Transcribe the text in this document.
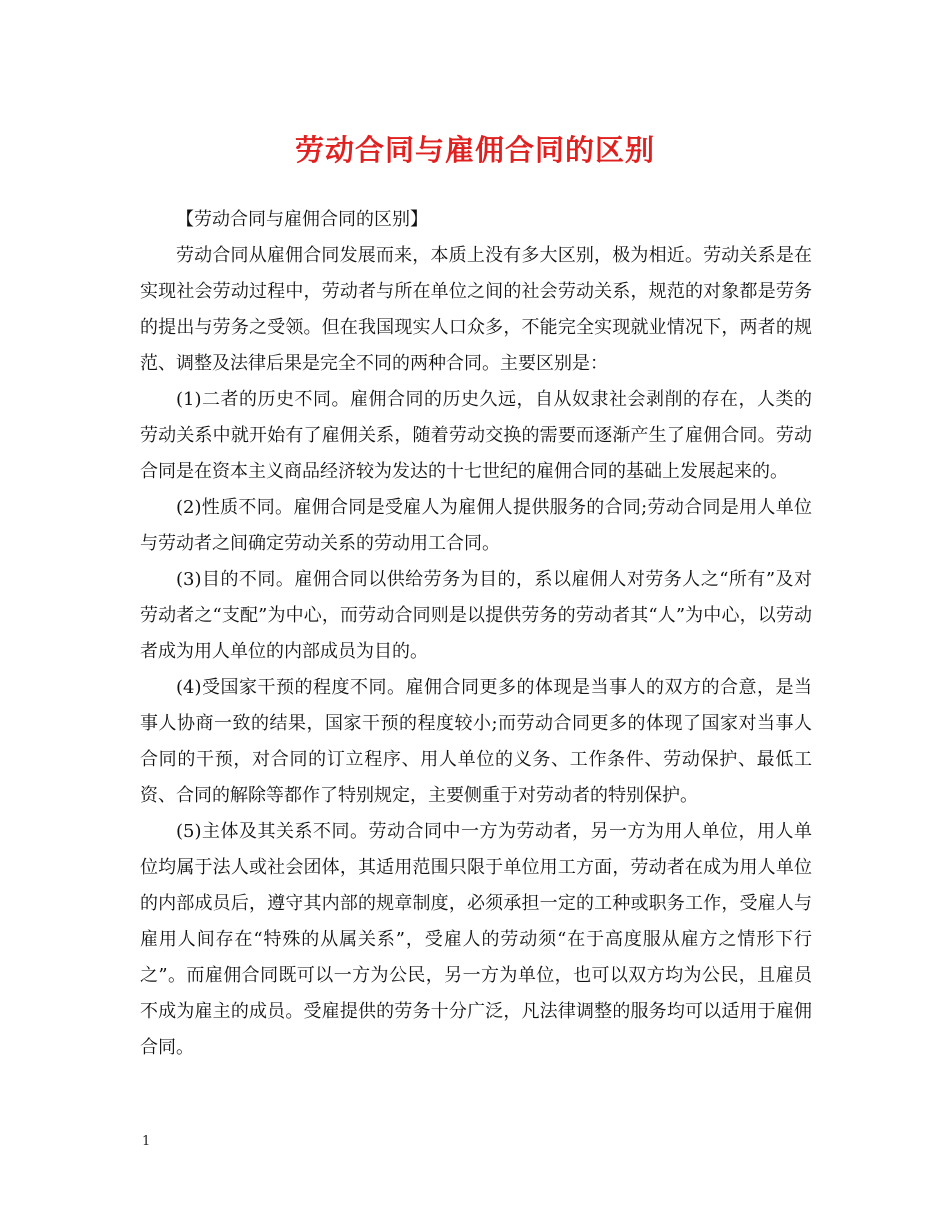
劳动合同与雇佣合同的区别

【劳动合同与雇佣合同的区别】

劳动合同从雇佣合同发展而来，本质上没有多大区别，极为相近。劳动关系是在实现社会劳动过程中，劳动者与所在单位之间的社会劳动关系，规范的对象都是劳务的提出与劳务之受领。但在我国现实人口众多，不能完全实现就业情况下，两者的规范、调整及法律后果是完全不同的两种合同。主要区别是：

(1)二者的历史不同。雇佣合同的历史久远，自从奴隶社会剥削的存在，人类的劳动关系中就开始有了雇佣关系，随着劳动交换的需要而逐渐产生了雇佣合同。劳动合同是在资本主义商品经济较为发达的十七世纪的雇佣合同的基础上发展起来的。

(2)性质不同。雇佣合同是受雇人为雇佣人提供服务的合同;劳动合同是用人单位与劳动者之间确定劳动关系的劳动用工合同。

(3)目的不同。雇佣合同以供给劳务为目的，系以雇佣人对劳务人之“所有”及对劳动者之“支配”为中心，而劳动合同则是以提供劳务的劳动者其“人”为中心，以劳动者成为用人单位的内部成员为目的。

(4)受国家干预的程度不同。雇佣合同更多的体现是当事人的双方的合意，是当事人协商一致的结果，国家干预的程度较小;而劳动合同更多的体现了国家对当事人合同的干预，对合同的订立程序、用人单位的义务、工作条件、劳动保护、最低工资、合同的解除等都作了特别规定，主要侧重于对劳动者的特别保护。

(5)主体及其关系不同。劳动合同中一方为劳动者，另一方为用人单位，用人单位均属于法人或社会团体，其适用范围只限于单位用工方面，劳动者在成为用人单位的内部成员后，遵守其内部的规章制度，必须承担一定的工种或职务工作，受雇人与雇用人间存在“特殊的从属关系”，受雇人的劳动须“在于高度服从雇方之情形下行之”。而雇佣合同既可以一方为公民，另一方为单位，也可以双方均为公民，且雇员不成为雇主的成员。受雇提供的劳务十分广泛，凡法律调整的服务均可以适用于雇佣合同。

1
